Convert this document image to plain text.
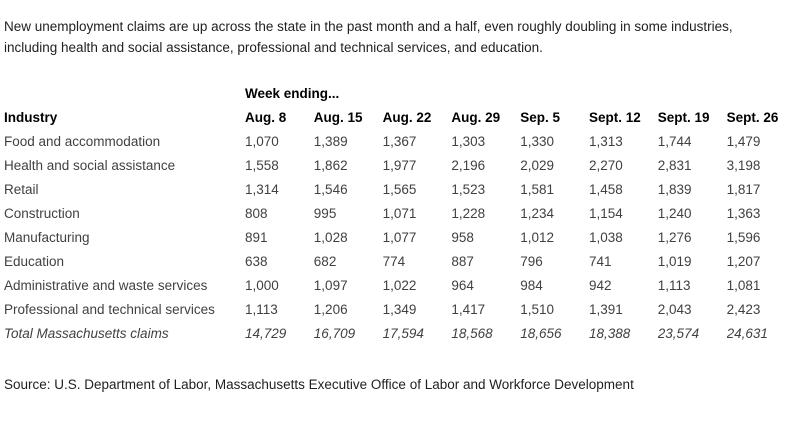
New unemployment claims are up across the state in the past month and a half, even roughly doubling in some industries, including health and social assistance, professional and technical services, and education.

Week ending...
Industry	Aug. 8	Aug. 15	Aug. 22	Aug. 29	Sep. 5	Sept. 12	Sept. 19	Sept. 26
Food and accommodation	1,070	1,389	1,367	1,303	1,330	1,313	1,744	1,479
Health and social assistance	1,558	1,862	1,977	2,196	2,029	2,270	2,831	3,198
Retail	1,314	1,546	1,565	1,523	1,581	1,458	1,839	1,817
Construction	808	995	1,071	1,228	1,234	1,154	1,240	1,363
Manufacturing	891	1,028	1,077	958	1,012	1,038	1,276	1,596
Education	638	682	774	887	796	741	1,019	1,207
Administrative and waste services	1,000	1,097	1,022	964	984	942	1,113	1,081
Professional and technical services	1,113	1,206	1,349	1,417	1,510	1,391	2,043	2,423
Total Massachusetts claims	14,729	16,709	17,594	18,568	18,656	18,388	23,574	24,631

Source: U.S. Department of Labor, Massachusetts Executive Office of Labor and Workforce Development
